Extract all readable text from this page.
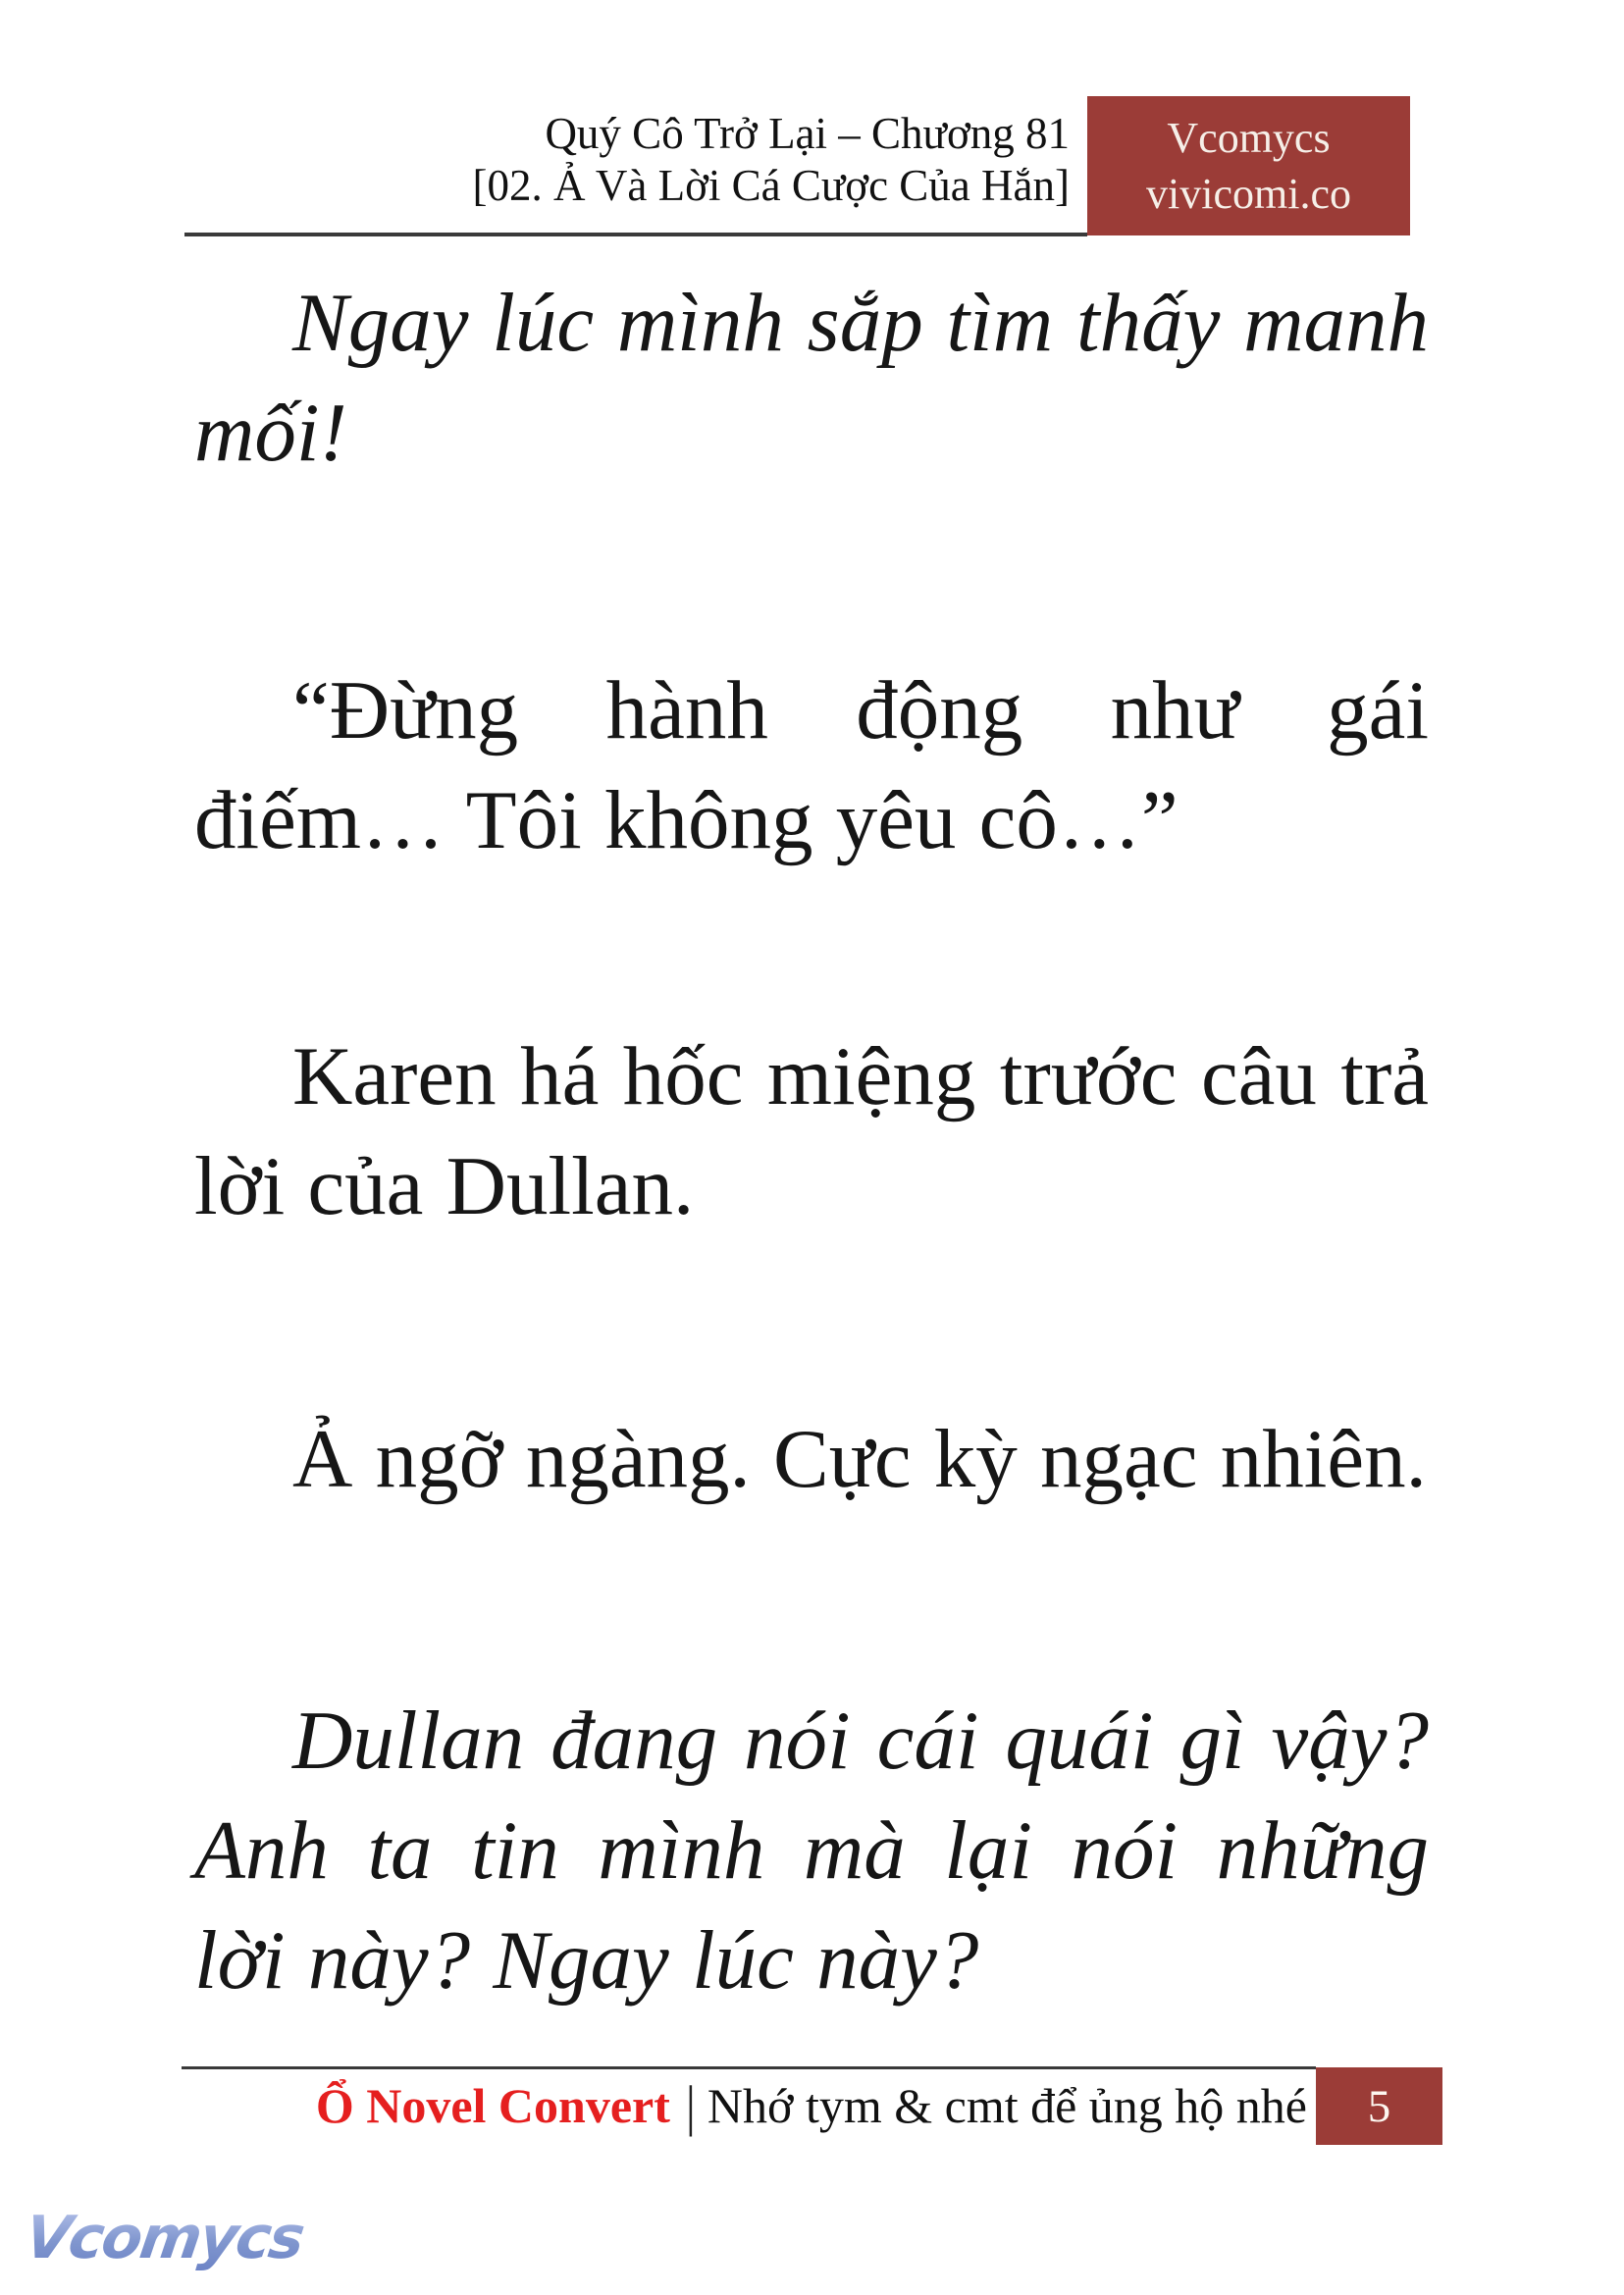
Quý Cô Trở Lại – Chương 81
[02. Ả Và Lời Cá Cược Của Hắn]
Vcomycs
vivicomi.co

Ngay lúc mình sắp tìm thấy manh mối!

“Đừng hành động như gái điếm… Tôi không yêu cô…”

Karen há hốc miệng trước câu trả lời của Dullan.

Ả ngỡ ngàng. Cực kỳ ngạc nhiên.

Dullan đang nói cái quái gì vậy? Anh ta tin mình mà lại nói những lời này? Ngay lúc này?

Ổ Novel Convert | Nhớ tym & cmt để ủng hộ nhé 5
Vcomycs
